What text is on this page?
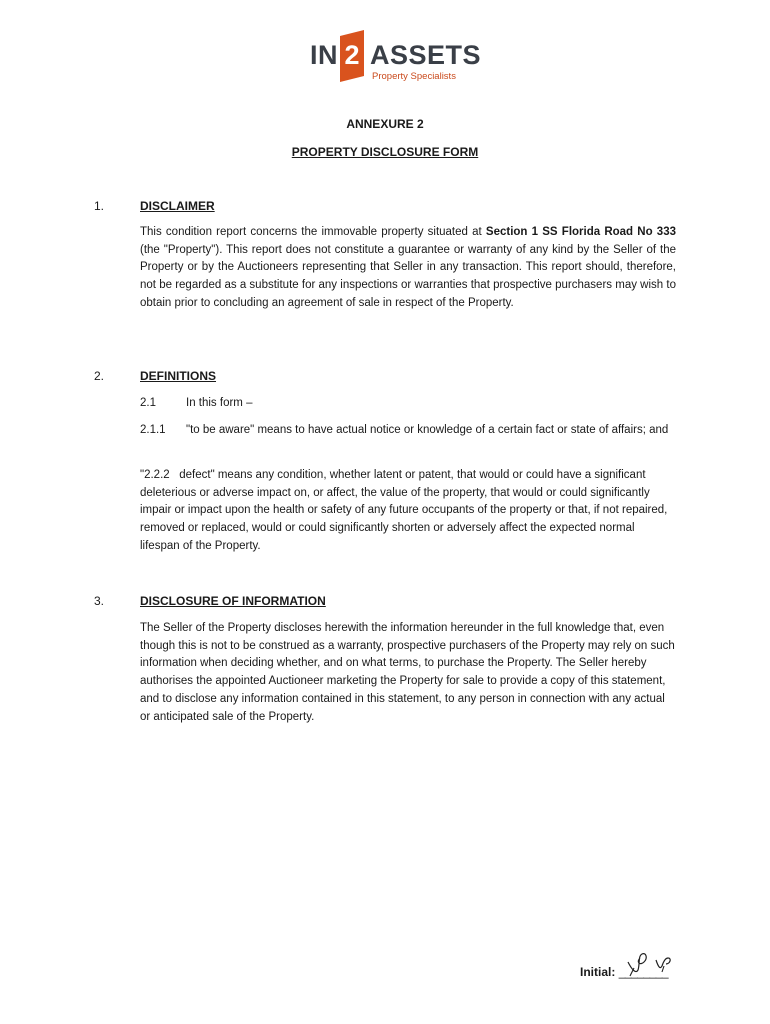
IN 2 ASSETS
Property Specialists
ANNEXURE 2
PROPERTY DISCLOSURE FORM
1.	DISCLAIMER
This condition report concerns the immovable property situated at Section 1 SS Florida Road No 333 (the "Property"). This report does not constitute a guarantee or warranty of any kind by the Seller of the Property or by the Auctioneers representing that Seller in any transaction. This report should, therefore, not be regarded as a substitute for any inspections or warranties that prospective purchasers may wish to obtain prior to concluding an agreement of sale in respect of the Property.
2.	DEFINITIONS
2.1	In this form –
2.1.1 "to be aware" means to have actual notice or knowledge of a certain fact or state of affairs; and
"2.2.2   defect" means any condition, whether latent or patent, that would or could have a significant deleterious or adverse impact on, or affect, the value of the property, that would or could significantly impair or impact upon the health or safety of any future occupants of the property or that, if not repaired, removed or replaced, would or could significantly shorten or adversely affect the expected normal lifespan of the Property.
3.	DISCLOSURE OF INFORMATION
The Seller of the Property discloses herewith the information hereunder in the full knowledge that, even though this is not to be construed as a warranty, prospective purchasers of the Property may rely on such information when deciding whether, and on what terms, to purchase the Property. The Seller hereby authorises the appointed Auctioneer marketing the Property for sale to provide a copy of this statement, and to disclose any information contained in this statement, to any person in connection with any actual or anticipated sale of the Property.
Initial: ________
